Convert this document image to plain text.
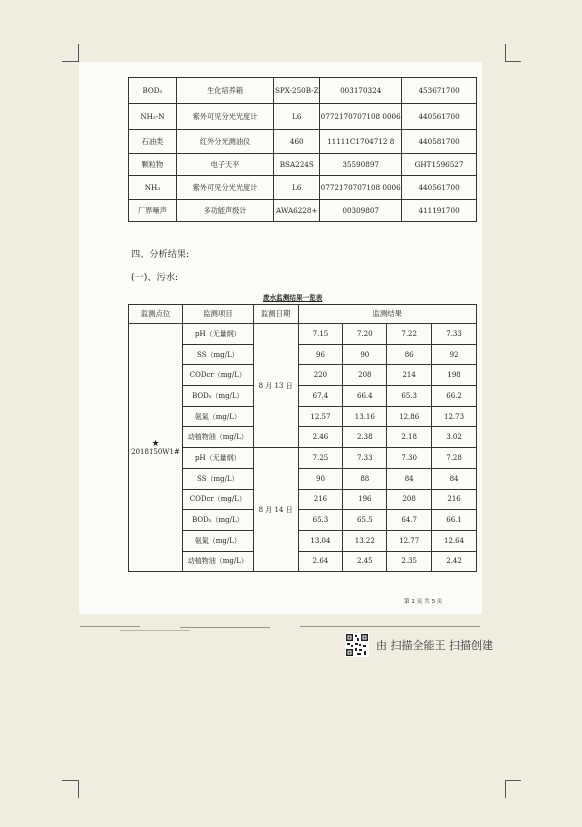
BOD₅	生化培养箱	SPX-250B-Z	003170324	453671700
NH₃-N	紫外可见分光光度计	L6	0772170707108 0006	440561700
石油类	红外分光测油仪	460	11111C1704712 8	440581700
颗粒物	电子天平	BSA224S	35590897	GHT1596527
NH₃	紫外可见分光光度计	L6	0772170707108 0006	440561700
厂界噪声	多功能声级计	AWA6228+	00309807	411191700
四、分析结果:
(一)、污水:
废水监测结果一览表
监测点位	监测项目	监测日期	监测结果			

★
2018150W1#	pH（无量纲）	8 月 13 日	7.15	7.20	7.22	7.33
	SS（mg/L）		96	90	86	92
	CODcr（mg/L）		220	208	214	198
	BOD₅（mg/L）		67.4	66.4	65.3	66.2
	氨氮（mg/L）		12.57	13.16	12.86	12.73
	动植物油（mg/L）		2.46	2.38	2.18	3.02
	pH（无量纲）	8 月 14 日	7.25	7.33	7.30	7.28
	SS（mg/L）		90	88	84	84
	CODcr（mg/L）		216	196	208	216
	BOD₅（mg/L）		65.3	65.5	64.7	66.1
	氨氮（mg/L）		13.04	13.22	12.77	12.64
	动植物油（mg/L）		2.64	2.45	2.35	2.42
第 2 页 共 5 页
由 扫描全能王 扫描创建
